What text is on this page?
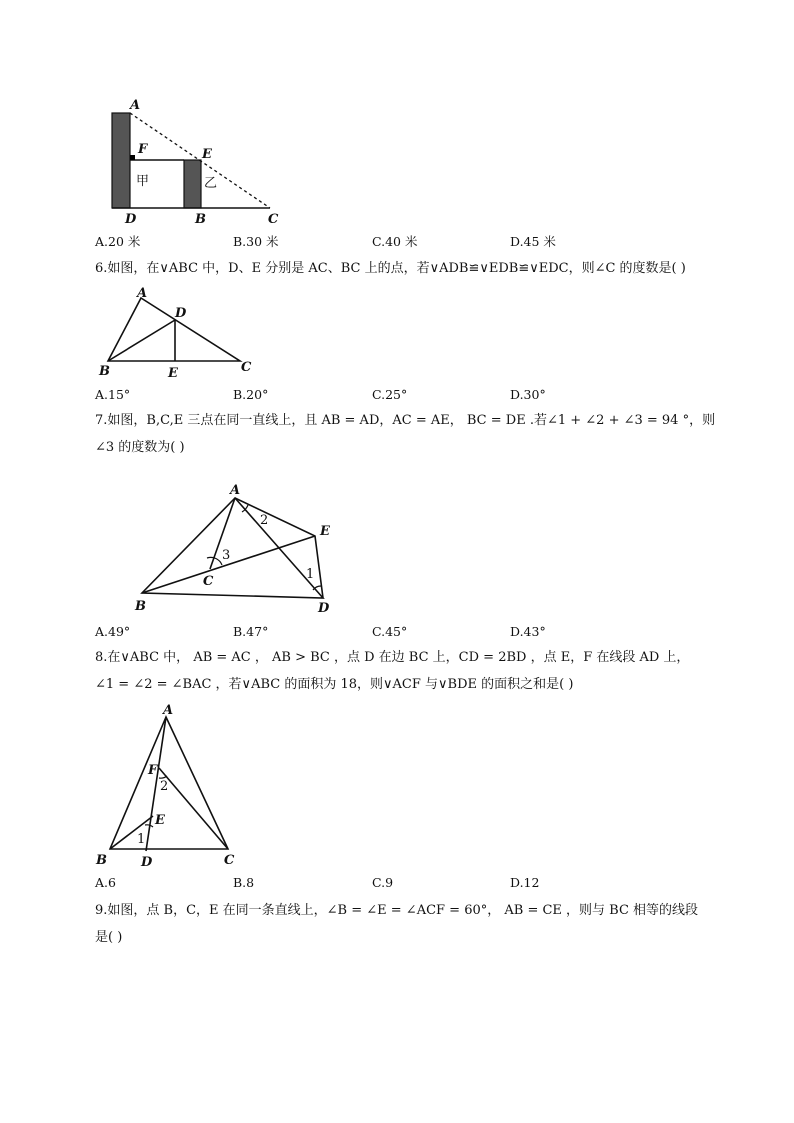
A
F	E
甲	乙
D	B	C
A.20 米	B.30 米	C.40 米	D.45 米
6.如图，在∨ABC 中，D、E 分别是 AC、BC 上的点，若∨ADB≌∨EDB≌∨EDC，则∠C 的度数是( )
A
D
B	E	C
A.15°	B.20°	C.25°	D.30°
7.如图，B,C,E 三点在同一直线上，且 AB = AD，AC = AE， BC = DE .若∠1 + ∠2 + ∠3 = 94 °，则
∠3 的度数为( )
A
E
C
B	D
2
3
1
A.49°	B.47°	C.45°	D.43°
8.在∨ABC 中， AB = AC ， AB > BC ，点 D 在边 BC 上，CD = 2BD ，点 E，F 在线段 AD 上，
∠1 = ∠2 = ∠BAC ，若∨ABC 的面积为 18，则∨ACF 与∨BDE 的面积之和是( )
A
F
2
E
1
B	D	C
A.6	B.8	C.9	D.12
9.如图，点 B，C，E 在同一条直线上，∠B = ∠E = ∠ACF = 60°， AB = CE ，则与 BC 相等的线段
是( )
